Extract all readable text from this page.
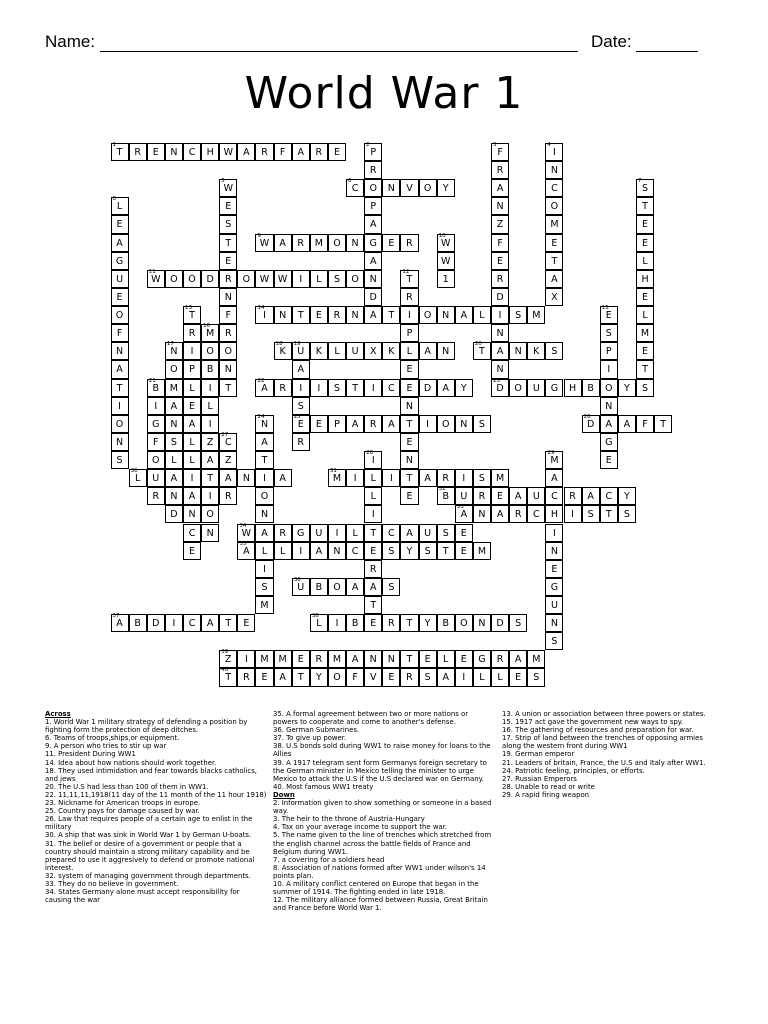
Name:	Date:
World War 1
T
1
R	E	N	C	H	W	A	R	F	A	R	E	P
2
R
O
P
A
G
A
N
D
A
F
3
R
A
N
Z
F
E
R
D
I
N
A
N
D
23
I
4
N
C
O
M
E
T
A
X
W
5
E
S
T
E
R
N
F
R
O
N
T
C
6
N	V	O	Y	S
7
T
E
E
L
H
E
L
M
E
T
L
8
E
A
G
U
E
O
F
N
A
T
I
O
N
S
W
9
A	R	M	O	N	E	R	W
10
W
1
W
11
O	O	D	O	W W	I	L	S	O	T
12
R
I
P
L
E
E
N
T
E
N
T
E
T
13
R
I
P
L
E
A
L
L
I
A
N
C
E
I
14
N	T	E	R	N	T	O	N	A	L	S	M	E
15
S
P
I
O
N
A
G
E
M
16
O
B
I
L
I
Z
A
T
I
O
N
N
17
O
M
A
N
S
L
A
N
D
K
18
U
19
K	L	U	X	K	A	N
A
I
S
E
25
R
T
20
N	K	S
B
21
I
G
F
O
U
R
A
22
R	I	S	T	I	C	D	A	Y	O	U	G	H	B	Y	S
N
24
A
T
I
O
N
A
L
I
S
M
E	P	A	R	A	I	O	N	S	D
26
A	F	T
C
27
Z
A
R
I
28
L
L
I
T
E
R
A
T
E
M
29
A
C
H
I
N
E
G
U
N
S
L
30
N	A	M
31
I	I	A	R	I	S	M
B
32
U	R	E	A	U	R	A	C	Y
A
33
N	A	R	C	I	S	T	S
W
34
R	G	U	I	L	C	A	U	S	E
A
35
L	I	A	N	C	S	Y	S	T	E	M
U
36
B	O	A	S
A
37
B	D	I	C	A	T	E	L
38
I	B	R	T	Y	B	O	N	D	S
Z
39
I	M	M	E	R	M	A	N	N	T	E	L	E	G	R	A	M
T
40
R	E	A	T	Y	O	F	V	E	R	S	A	I	L	L	E	S
Across
1. World War 1 military strategy of defending a position by fighting form the protection of deep ditches.
6. Teams of troops,ships,or equipment.
9. A person who tries to stir up war
11. President During WW1
14. Idea about how nations should work together.
18. They used intimidation and fear towards blacks catholics, and jews
20. The U.S had less than 100 of them in WW1.
22. 11,11,11,1918(11 day of the 11 month of the 11 hour 1918)
23. Nickname for American troops in europe.
25. Country pays for damage caused by war.
26. Law that requires people of a certain age to enlist in the military
30. A ship that was sink in World War 1 by German U-boats.
31. The belief or desire of a government or people that a country should maintain a strong military capability and be prepared to use it aggresively to defend or promote national interest.
32. system of managing government through departments.
33. They do no believe in government.
34. States Germany alone must accept responsibility for causing the war
35. A formal agreement between two or more nations or powers to cooperate and come to another's defense.
36. German Submarines.
37. To give up power.
38. U.S bonds sold during WW1 to raise money for loans to the Allies
39. A 1917 telegram sent form Germanys foreign secretary to the German minister in Mexico telling the minister to urge Mexico to attack the U.S if the U.S declared war on Germany.
40. Most famous WW1 treaty
Down
2. Information given to show something or someone in a based way.
3. The heir to the throne of Austria-Hungary
4. Tax on your average income to support the war.
5. The name given to the line of trenches which stretched from the english channel across the battle fields of France and Belgium during WW1.
7. a covering for a soldiers head
8. Association of nations formed after WW1 under wilson's 14 points plan.
10. A military conflict centered on Europe that began in the summer of 1914. The fighting ended in late 1918.
12. The military alliance formed between Russia, Great Britain and France before World War 1.
13. A union or association between three powers or states.
15. 1917 act gave the government new ways to spy.
16. The gathering of resources and preparation for war.
17. Strip of land between the trenches of opposing armies along the western front during WW1
19. German emperor
21. Leaders of britain, France, the U.S and Italy after WW1.
24. Patriotic feeling, principles, or efforts.
27. Russian Emperors
28. Unable to read or write
29. A rapid firing weapon
